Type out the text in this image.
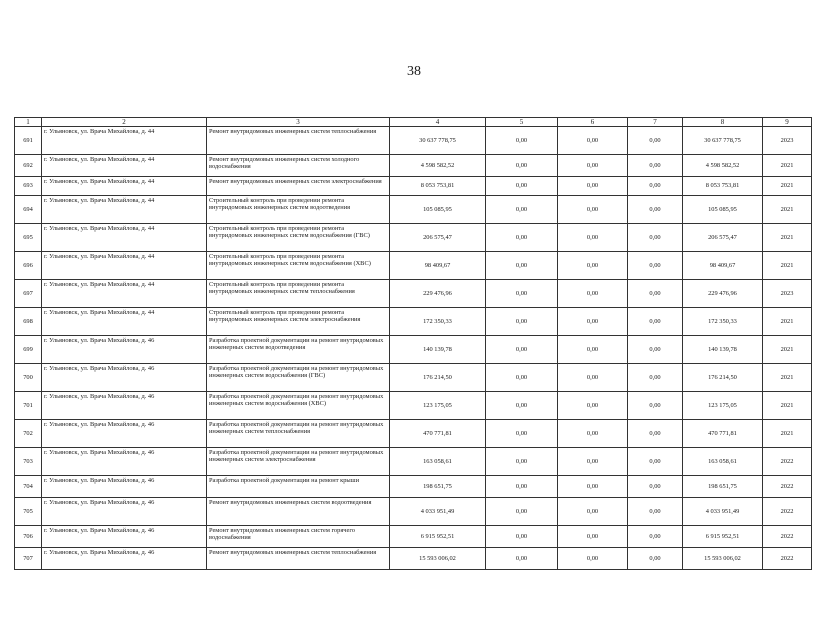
38
1	2	3	4	5	6	7	8	9
691	г. Ульяновск, ул. Врача Михайлова, д. 44	Ремонт внутридомовых инженерных систем теплоснабжения	30 637 778,75	0,00	0,00	0,00	30 637 778,75	2023
692	г. Ульяновск, ул. Врача Михайлова, д. 44	Ремонт внутридомовых инженерных систем холодного водоснабжения	4 598 582,52	0,00	0,00	0,00	4 598 582,52	2021
693	г. Ульяновск, ул. Врача Михайлова, д. 44	Ремонт внутридомовых инженерных систем электроснабжения	8 053 753,81	0,00	0,00	0,00	8 053 753,81	2021
694	г. Ульяновск, ул. Врача Михайлова, д. 44	Строительный контроль при проведении ремонта внутридомовых инженерных систем водоотведения	105 085,95	0,00	0,00	0,00	105 085,95	2021
695	г. Ульяновск, ул. Врача Михайлова, д. 44	Строительный контроль при проведении ремонта внутридомовых инженерных систем водоснабжения (ГВС)	206 575,47	0,00	0,00	0,00	206 575,47	2021
696	г. Ульяновск, ул. Врача Михайлова, д. 44	Строительный контроль при проведении ремонта внутридомовых инженерных систем водоснабжения (ХВС)	98 409,67	0,00	0,00	0,00	98 409,67	2021
697	г. Ульяновск, ул. Врача Михайлова, д. 44	Строительный контроль при проведении ремонта внутридомовых инженерных систем теплоснабжения	229 476,96	0,00	0,00	0,00	229 476,96	2023
698	г. Ульяновск, ул. Врача Михайлова, д. 44	Строительный контроль при проведении ремонта внутридомовых инженерных систем электроснабжения	172 350,33	0,00	0,00	0,00	172 350,33	2021
699	г. Ульяновск, ул. Врача Михайлова, д. 46	Разработка проектной документации на ремонт внутридомовых инженерных систем водоотведения	140 139,78	0,00	0,00	0,00	140 139,78	2021
700	г. Ульяновск, ул. Врача Михайлова, д. 46	Разработка проектной документации на ремонт внутридомовых инженерных систем водоснабжения (ГВС)	176 214,50	0,00	0,00	0,00	176 214,50	2021
701	г. Ульяновск, ул. Врача Михайлова, д. 46	Разработка проектной документации на ремонт внутридомовых инженерных систем водоснабжения (ХВС)	123 175,05	0,00	0,00	0,00	123 175,05	2021
702	г. Ульяновск, ул. Врача Михайлова, д. 46	Разработка проектной документации на ремонт внутридомовых инженерных систем теплоснабжения	470 771,81	0,00	0,00	0,00	470 771,81	2021
703	г. Ульяновск, ул. Врача Михайлова, д. 46	Разработка проектной документации на ремонт внутридомовых инженерных систем электроснабжения	163 058,61	0,00	0,00	0,00	163 058,61	2022
704	г. Ульяновск, ул. Врача Михайлова, д. 46	Разработка проектной документации на ремонт крыши	198 651,75	0,00	0,00	0,00	198 651,75	2022
705	г. Ульяновск, ул. Врача Михайлова, д. 46	Ремонт внутридомовых инженерных систем водоотведения	4 033 951,49	0,00	0,00	0,00	4 033 951,49	2022
706	г. Ульяновск, ул. Врача Михайлова, д. 46	Ремонт внутридомовых инженерных систем горячего водоснабжения	6 915 952,51	0,00	0,00	0,00	6 915 952,51	2022
707	г. Ульяновск, ул. Врача Михайлова, д. 46	Ремонт внутридомовых инженерных систем теплоснабжения	15 593 006,02	0,00	0,00	0,00	15 593 006,02	2022
